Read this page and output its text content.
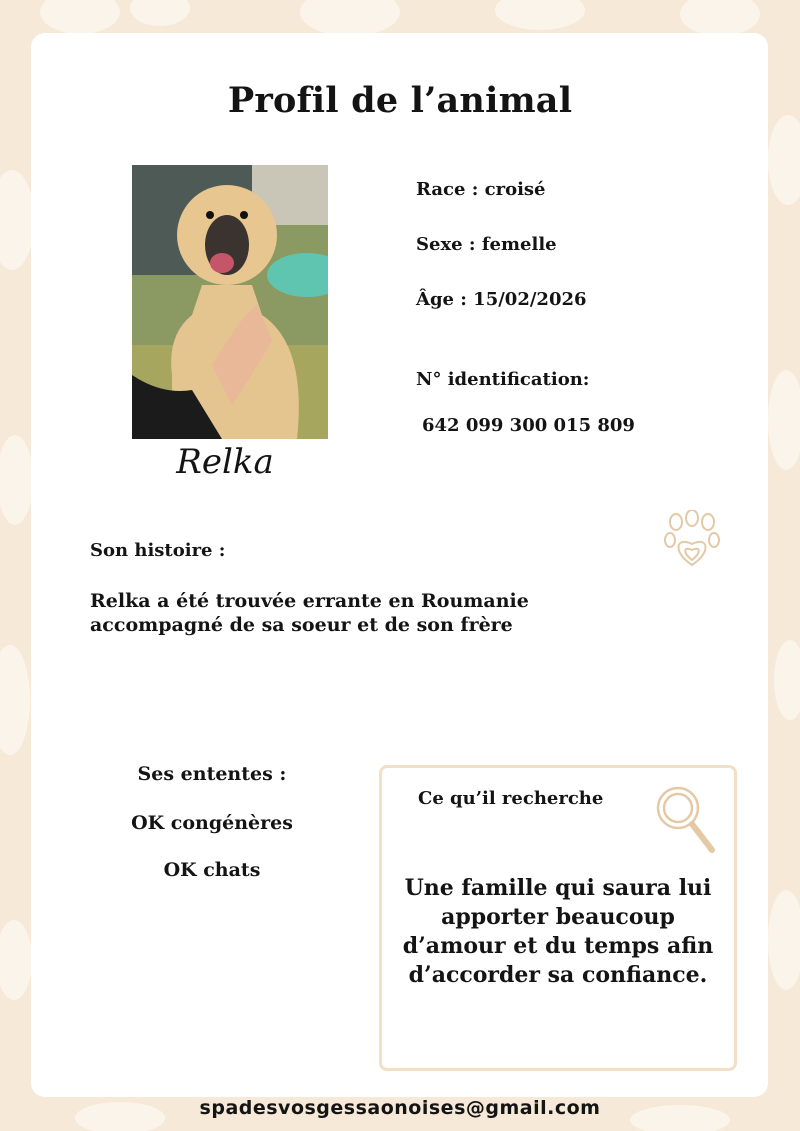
Profil de l’animal
Relka
Race : croisé
Sexe : femelle
Âge : 15/02/2026
N° identification:
642 099 300 015 809
Son histoire :
Relka a été trouvée errante en Roumanie
accompagné de sa soeur et de son frère
Ses ententes :
OK congénères
OK chats
Ce qu’il recherche
Une famille qui saura lui
apporter beaucoup
d’amour et du temps afin
d’accorder sa confiance.
spadesvosgessaonoises@gmail.com
